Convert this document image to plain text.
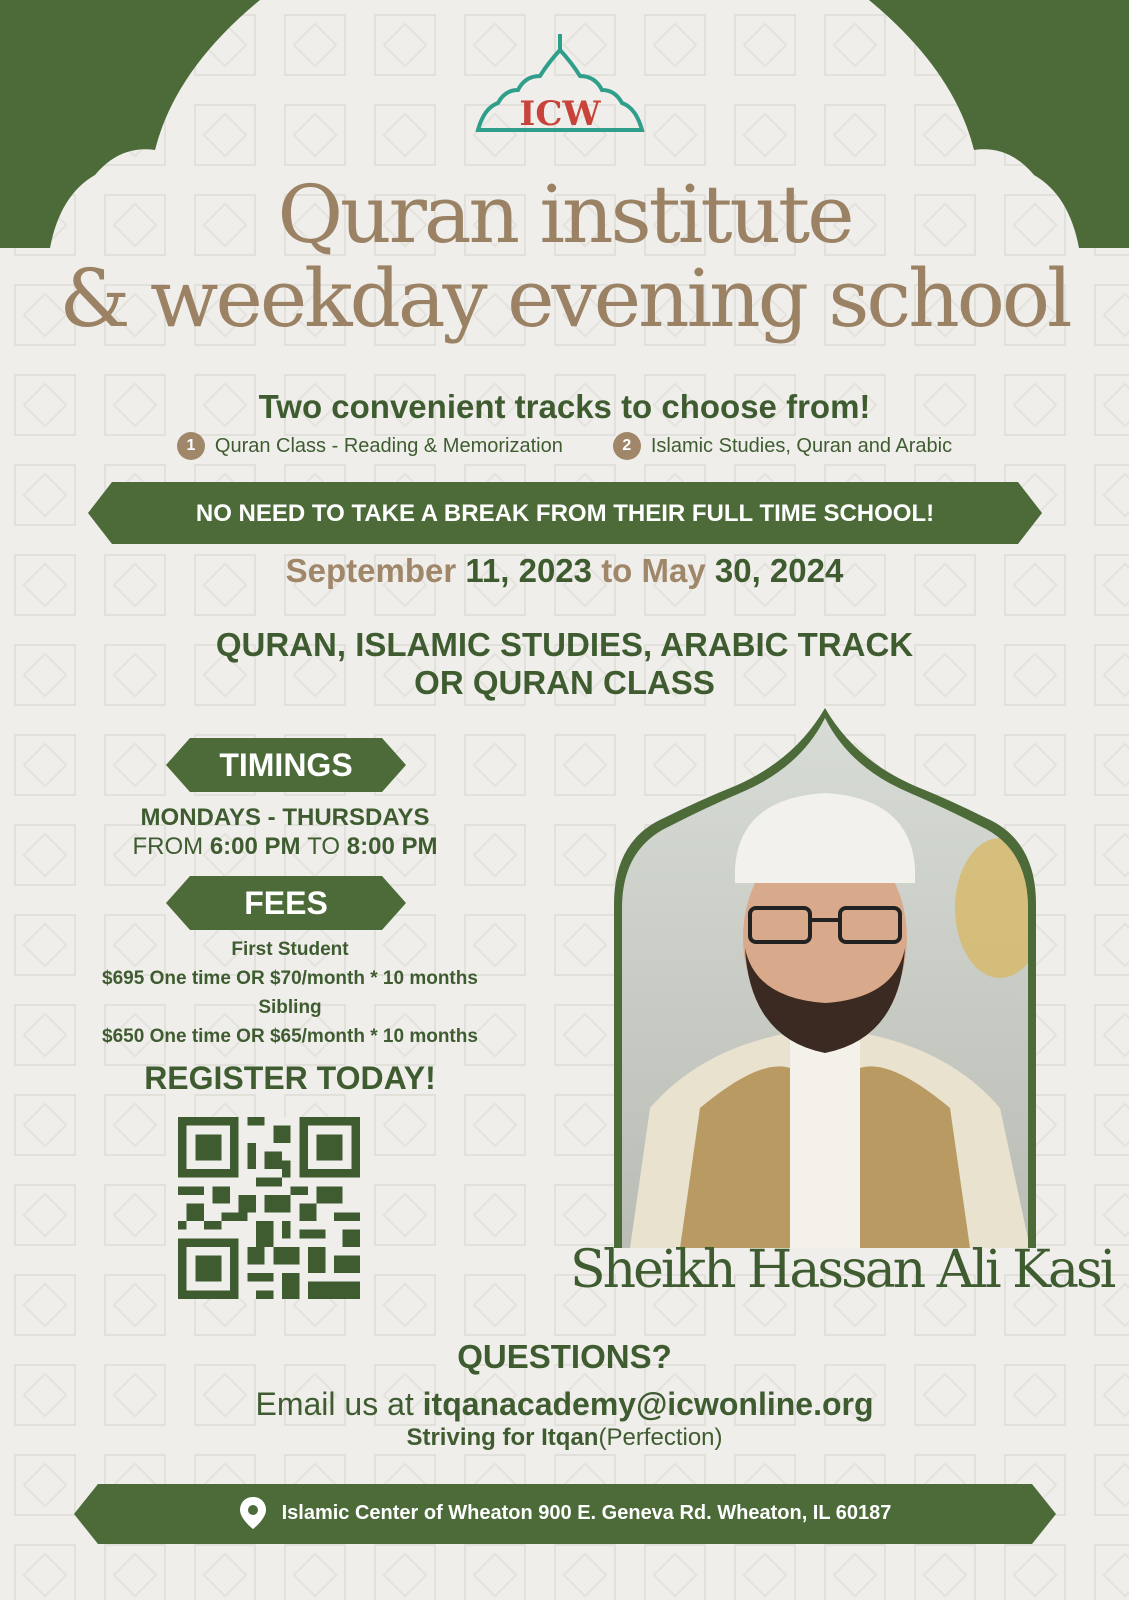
ICW
Quran institute
& weekday evening school
Two convenient tracks to choose from!
1 Quran Class - Reading & Memorization	2 Islamic Studies, Quran and Arabic
NO NEED TO TAKE A BREAK FROM THEIR FULL TIME SCHOOL!
September 11, 2023 to May 30, 2024
QURAN, ISLAMIC STUDIES, ARABIC TRACK
OR QURAN CLASS
TIMINGS
MONDAYS - THURSDAYS
FROM 6:00 PM TO 8:00 PM
FEES
First Student
$695 One time OR $70/month * 10 months
Sibling
$650 One time OR $65/month * 10 months
REGISTER TODAY!
Sheikh Hassan Ali Kasi
QUESTIONS?
Email us at itqanacademy@icwonline.org
Striving for Itqan(Perfection)
Islamic Center of Wheaton 900 E. Geneva Rd. Wheaton, IL 60187
